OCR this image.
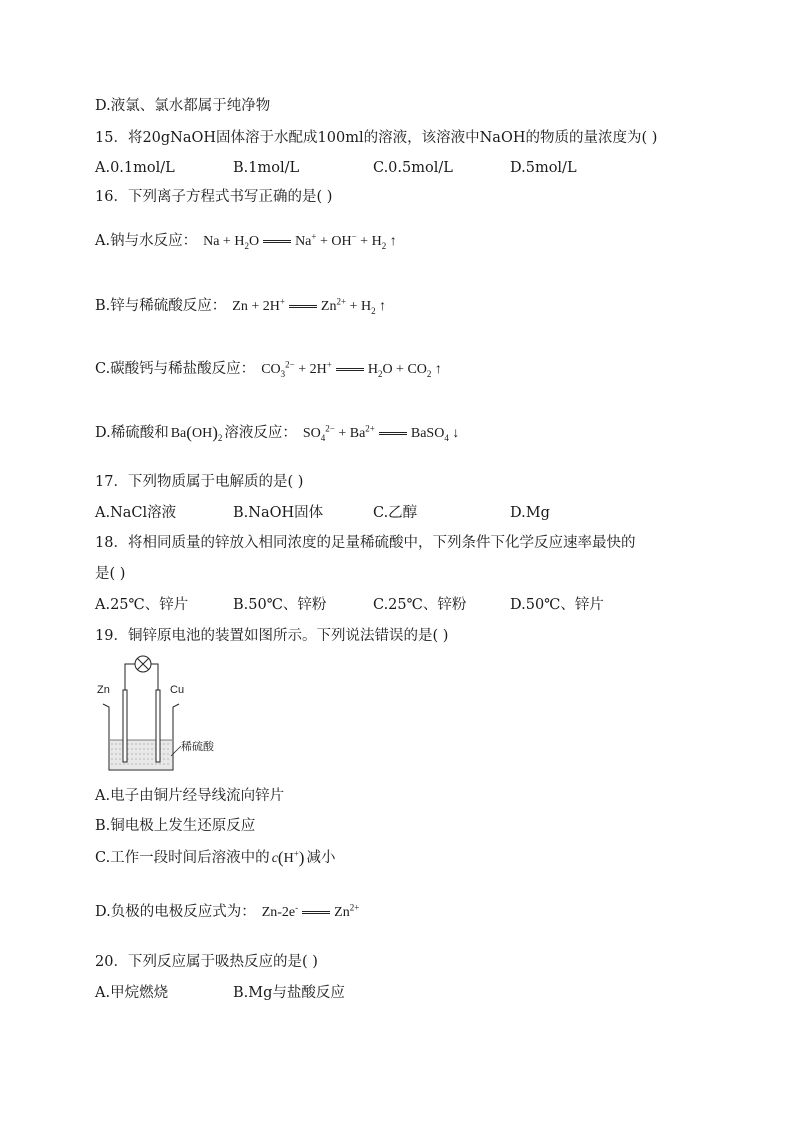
D.液氯、氯水都属于纯净物
15．将20gNaOH固体溶于水配成100ml的溶液，该溶液中NaOH的物质的量浓度为( )
A.0.1mol/L	B.1mol/L	C.0.5mol/L	D.5mol/L
16．下列离子方程式书写正确的是( )
A.钠与水反应： $Na + H_2O$	$Na^+ + OH^- + H_2$ ↑
B.锌与稀硫酸反应： Zn + 2H+	$Zn^{2+} + H_2$ ↑
C.碳酸钙与稀盐酸反应： $CO_3^{2-} + 2H^+$	$H_2O + CO_2$ ↑
D.稀硫酸和 $Ba(OH)_2$ 溶液反应： $SO_4^{2-} + Ba^{2+}$	BaSO$_4$ ↓
17．下列物质属于电解质的是( )
A.NaCl溶液	B.NaOH固体	C.乙醇	D.Mg
18．将相同质量的锌放入相同浓度的足量稀硫酸中，下列条件下化学反应速率最快的
是( )
A.25℃、锌片	B.50℃、锌粉	C.25℃、锌粉	D.50℃、锌片
19．铜锌原电池的装置如图所示。下列说法错误的是( )
Zn	Cu
稀硫酸
A.电子由铜片经导线流向锌片
B.铜电极上发生还原反应
C.工作一段时间后溶液中的 c(H+) 减小
D.负极的电极反应式为： Zn-2e-	$Zn^{2+}$
20．下列反应属于吸热反应的是( )
A.甲烷燃烧	B.Mg与盐酸反应
